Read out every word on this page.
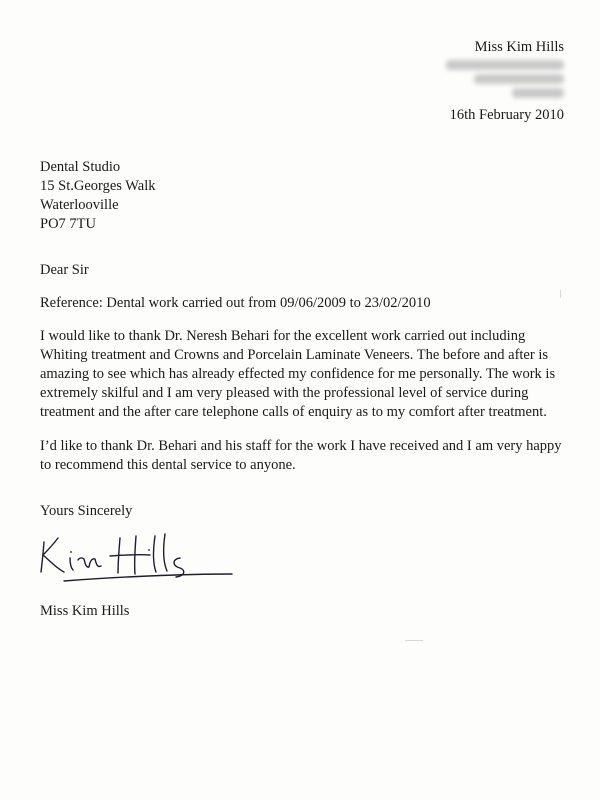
Miss Kim Hills
16th February 2010
Dental Studio
15 St.Georges Walk
Waterlooville
PO7 7TU
Dear Sir
Reference: Dental work carried out from 09/06/2009 to 23/02/2010
I would like to thank Dr. Neresh Behari for the excellent work carried out including Whiting treatment and Crowns and Porcelain Laminate Veneers. The before and after is amazing to see which has already effected my confidence for me personally. The work is extremely skilful and I am very pleased with the professional level of service during treatment and the after care telephone calls of enquiry as to my comfort after treatment.
I’d like to thank Dr. Behari and his staff for the work I have received and I am very happy to recommend this dental service to anyone.
Yours Sincerely
Miss Kim Hills
